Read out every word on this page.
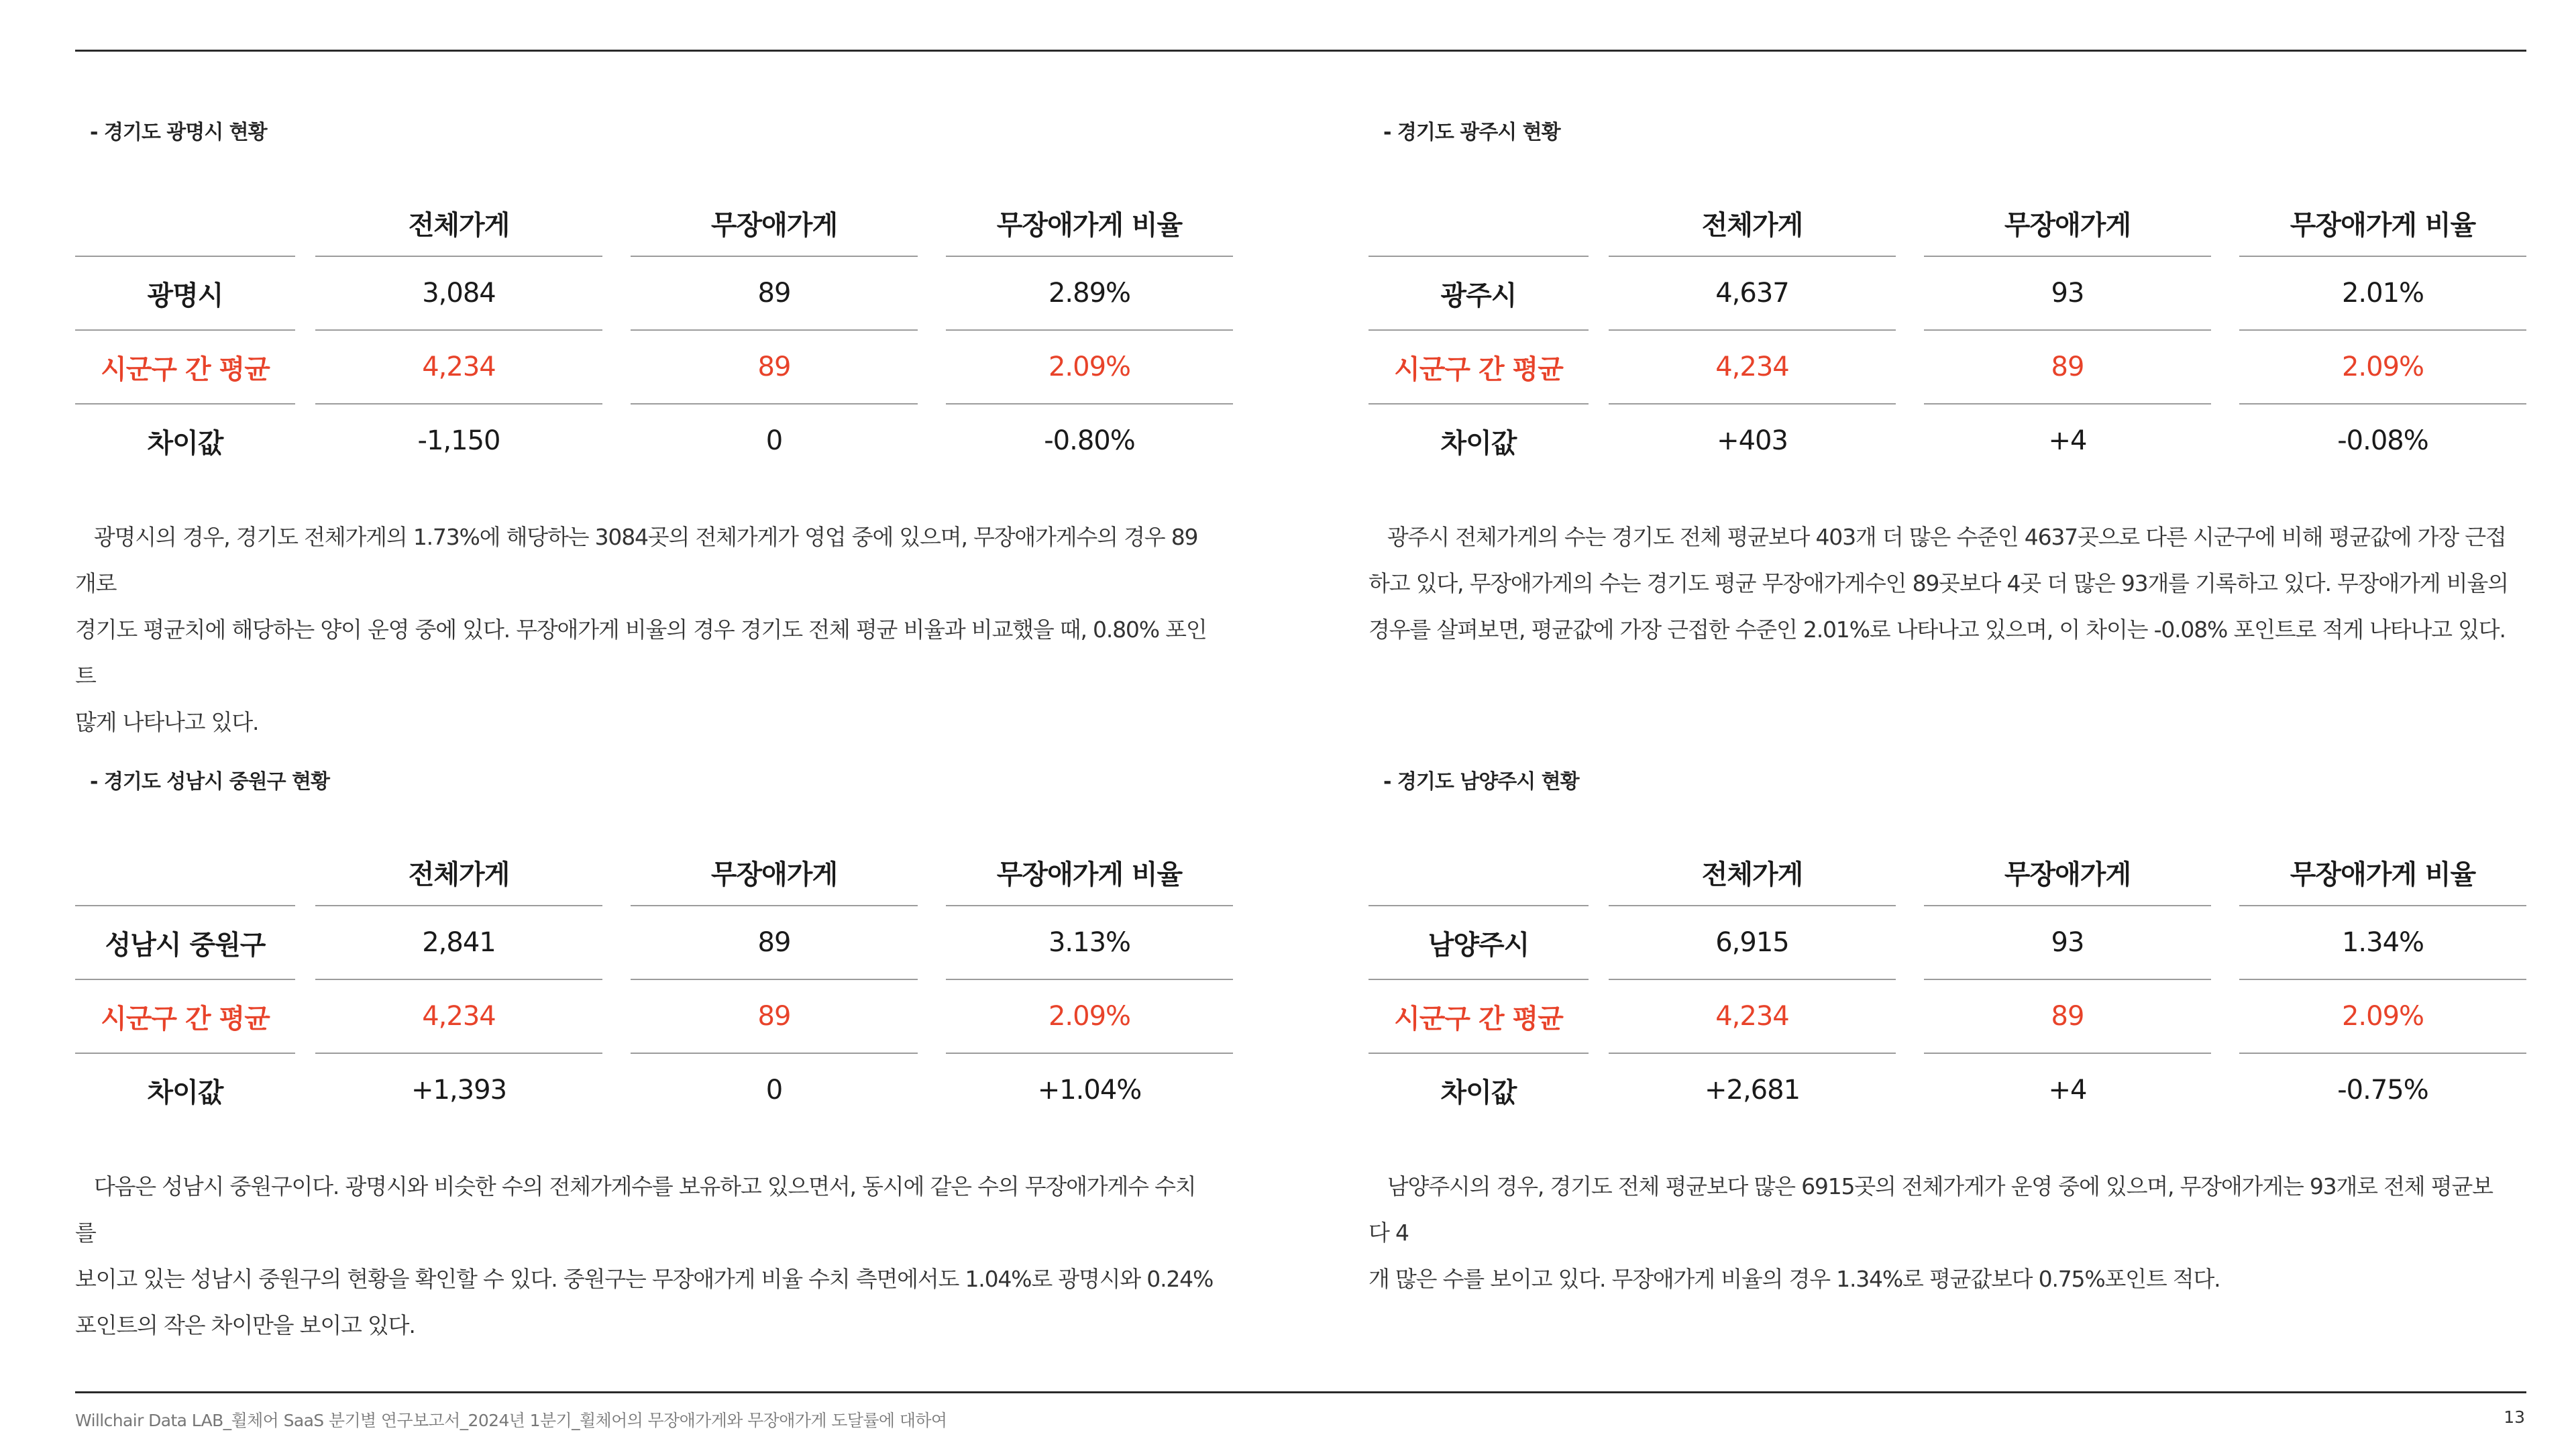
- 경기도 광명시 현황
전체가게	무장애가게	무장애가게 비율
광명시	3,084	89	2.89%
시군구 간 평균	4,234	89	2.09%
차이값	-1,150	0	-0.80%
광명시의 경우, 경기도 전체가게의 1.73%에 해당하는 3084곳의 전체가게가 영업 중에 있으며, 무장애가게수의 경우 89개로
경기도 평균치에 해당하는 양이 운영 중에 있다. 무장애가게 비율의 경우 경기도 전체 평균 비율과 비교했을 때, 0.80% 포인트
많게 나타나고 있다.
- 경기도 광주시 현황
전체가게	무장애가게	무장애가게 비율
광주시	4,637	93	2.01%
시군구 간 평균	4,234	89	2.09%
차이값	+403	+4	-0.08%
광주시 전체가게의 수는 경기도 전체 평균보다 403개 더 많은 수준인 4637곳으로 다른 시군구에 비해 평균값에 가장 근접
하고 있다, 무장애가게의 수는 경기도 평균 무장애가게수인 89곳보다 4곳 더 많은 93개를 기록하고 있다. 무장애가게 비율의
경우를 살펴보면, 평균값에 가장 근접한 수준인 2.01%로 나타나고 있으며, 이 차이는 -0.08% 포인트로 적게 나타나고 있다.
- 경기도 성남시 중원구 현황
전체가게	무장애가게	무장애가게 비율
성남시 중원구	2,841	89	3.13%
시군구 간 평균	4,234	89	2.09%
차이값	+1,393	0	+1.04%
다음은 성남시 중원구이다. 광명시와 비슷한 수의 전체가게수를 보유하고 있으면서, 동시에 같은 수의 무장애가게수 수치를
보이고 있는 성남시 중원구의 현황을 확인할 수 있다. 중원구는 무장애가게 비율 수치 측면에서도 1.04%로 광명시와 0.24%
포인트의 작은 차이만을 보이고 있다.
- 경기도 남양주시 현황
전체가게	무장애가게	무장애가게 비율
남양주시	6,915	93	1.34%
시군구 간 평균	4,234	89	2.09%
차이값	+2,681	+4	-0.75%
남양주시의 경우, 경기도 전체 평균보다 많은 6915곳의 전체가게가 운영 중에 있으며, 무장애가게는 93개로 전체 평균보다 4
개 많은 수를 보이고 있다. 무장애가게 비율의 경우 1.34%로 평균값보다 0.75%포인트 적다.
Willchair Data LAB_휠체어 SaaS 분기별 연구보고서_2024년 1분기_휠체어의 무장애가게와 무장애가게 도달률에 대하여	13
